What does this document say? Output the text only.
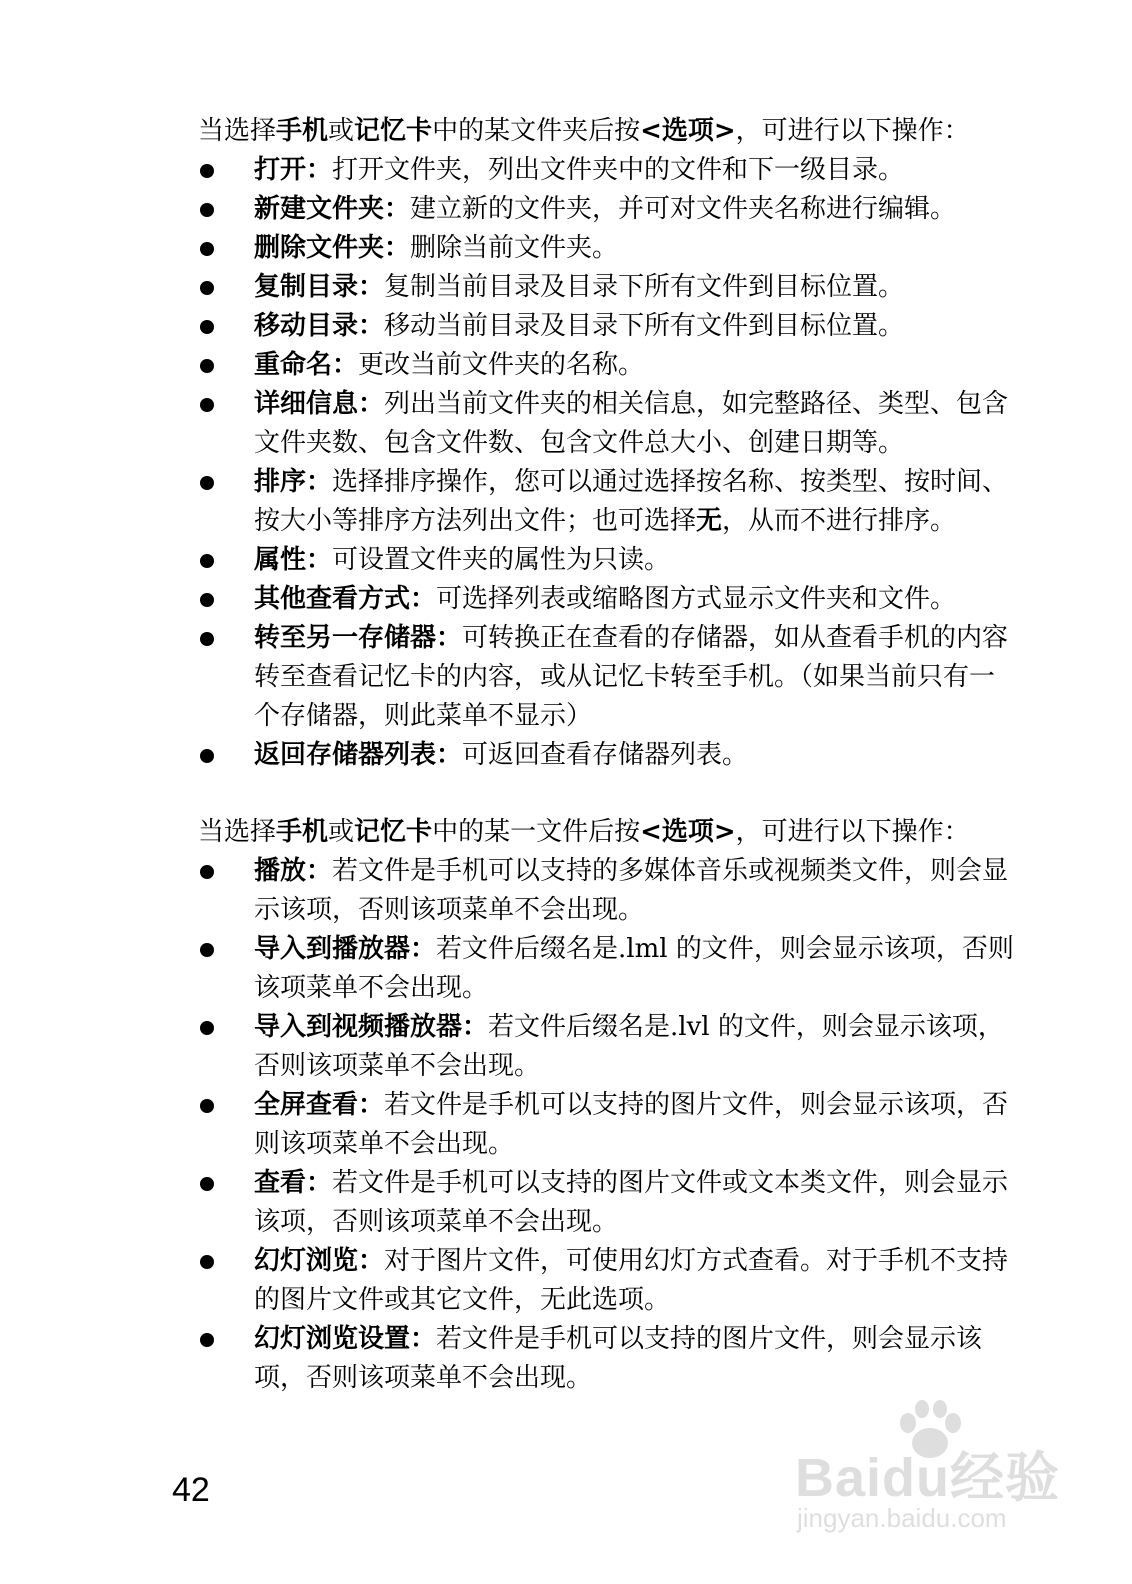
当选择手机或记忆卡中的某文件夹后按<选项>，可进行以下操作：

打开：打开文件夹，列出文件夹中的文件和下一级目录。
新建文件夹：建立新的文件夹，并可对文件夹名称进行编辑。
删除文件夹：删除当前文件夹。
复制目录：复制当前目录及目录下所有文件到目标位置。
移动目录：移动当前目录及目录下所有文件到目标位置。
重命名：更改当前文件夹的名称。
详细信息：列出当前文件夹的相关信息，如完整路径、类型、包含文件夹数、包含文件数、包含文件总大小、创建日期等。
排序：选择排序操作，您可以通过选择按名称、按类型、按时间、按大小等排序方法列出文件；也可选择无，从而不进行排序。
属性：可设置文件夹的属性为只读。
其他查看方式：可选择列表或缩略图方式显示文件夹和文件。
转至另一存储器：可转换正在查看的存储器，如从查看手机的内容转至查看记忆卡的内容，或从记忆卡转至手机。（如果当前只有一个存储器，则此菜单不显示）
返回存储器列表：可返回查看存储器列表。

当选择手机或记忆卡中的某一文件后按<选项>，可进行以下操作：

播放：若文件是手机可以支持的多媒体音乐或视频类文件，则会显示该项，否则该项菜单不会出现。
导入到播放器：若文件后缀名是.lml 的文件，则会显示该项，否则该项菜单不会出现。
导入到视频播放器：若文件后缀名是.lvl 的文件，则会显示该项，否则该项菜单不会出现。
全屏查看：若文件是手机可以支持的图片文件，则会显示该项，否则该项菜单不会出现。
查看：若文件是手机可以支持的图片文件或文本类文件，则会显示该项，否则该项菜单不会出现。
幻灯浏览：对于图片文件，可使用幻灯方式查看。对于手机不支持的图片文件或其它文件，无此选项。
幻灯浏览设置：若文件是手机可以支持的图片文件，则会显示该项，否则该项菜单不会出现。
42	Baidu经验
jingyan.baidu.com
